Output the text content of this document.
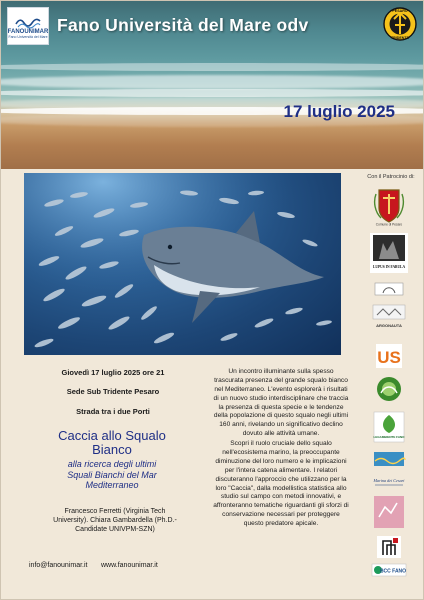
FANOUNIMAR
Fano Università del Mare
Fano Università del Mare odv
PESARO
TRIDENTE
17 luglio 2025
Con il Patrocinio di:
Comune di Pesaro
LUPUS IN FABULA
ARGONAUTA
US
LEGAMBIENTE FANO
Marina dei Cesari
BCC FANO
Giovedì 17 luglio 2025 ore 21
Sede Sub Tridente Pesaro
Strada tra i due Porti
Caccia allo Squalo
Bianco
alla ricerca degli ultimi
Squali Bianchi del Mar
Mediterraneo
Francesco Ferretti (Virginia Tech
University). Chiara Gambardella (Ph.D.-
Candidate UNIVPM-SZN)
info@fanounimar.it www.fanounimar.it

Un incontro illuminante sulla spesso trascurata presenza del grande squalo bianco nel Mediterraneo. L'evento esplorerà i risultati di un nuovo studio interdisciplinare che traccia la presenza di questa specie e le tendenze della popolazione di questo squalo negli ultimi 160 anni, rivelando un significativo declino dovuto alle attività umane.

Scopri il ruolo cruciale dello squalo nell'ecosistema marino, la preoccupante diminuzione del loro numero e le implicazioni per l'intera catena alimentare. I relatori discuteranno l'approccio che utilizzano per la loro "Caccia", dalla modellistica statistica allo studio sul campo con metodi innovativi, e affronteranno tematiche riguardanti gli sforzi di conservazione necessari per proteggere questo predatore apicale.
